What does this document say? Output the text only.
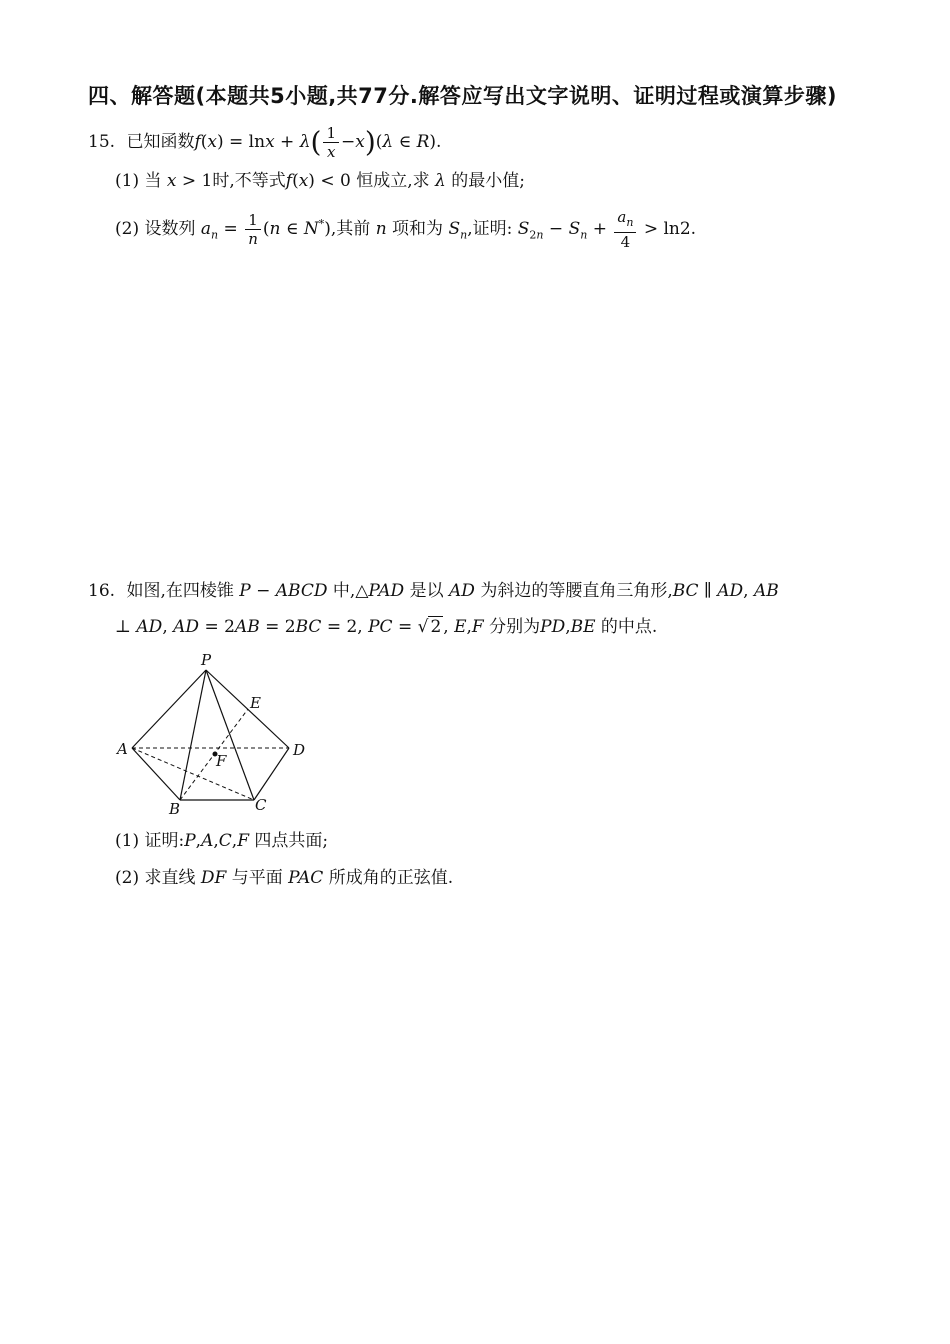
四、解答题(本题共5小题,共77分.解答应写出文字说明、证明过程或演算步骤)
15. 已知函数$f(x) = \ln x + \lambda( \frac{1}{x} -x)(\lambda$ ∈ R).
(1) 当 x > 1时,不等式f(x) < 0 恒成立,求 λ 的最小值;
(2) 设数列 $a_n = \frac{1}{n} (n$ ∈ N*),其前 n 项和为 $S_n$,证明: $S_{2n} - S_n + \frac{a_n}{4} > \ln 2$.
16. 如图,在四棱锥 P − ABCD 中,△PAD 是以 AD 为斜边的等腰直角三角形,BC ∥ AD, AB
⊥ AD, AD = 2AB = 2BC = 2, PC = √ 2 , E,F 分别为PD,BE 的中点.
P
A
B	C
D
E
F
(1) 证明:P,A,C,F 四点共面;
(2) 求直线 DF 与平面 PAC 所成角的正弦值.
